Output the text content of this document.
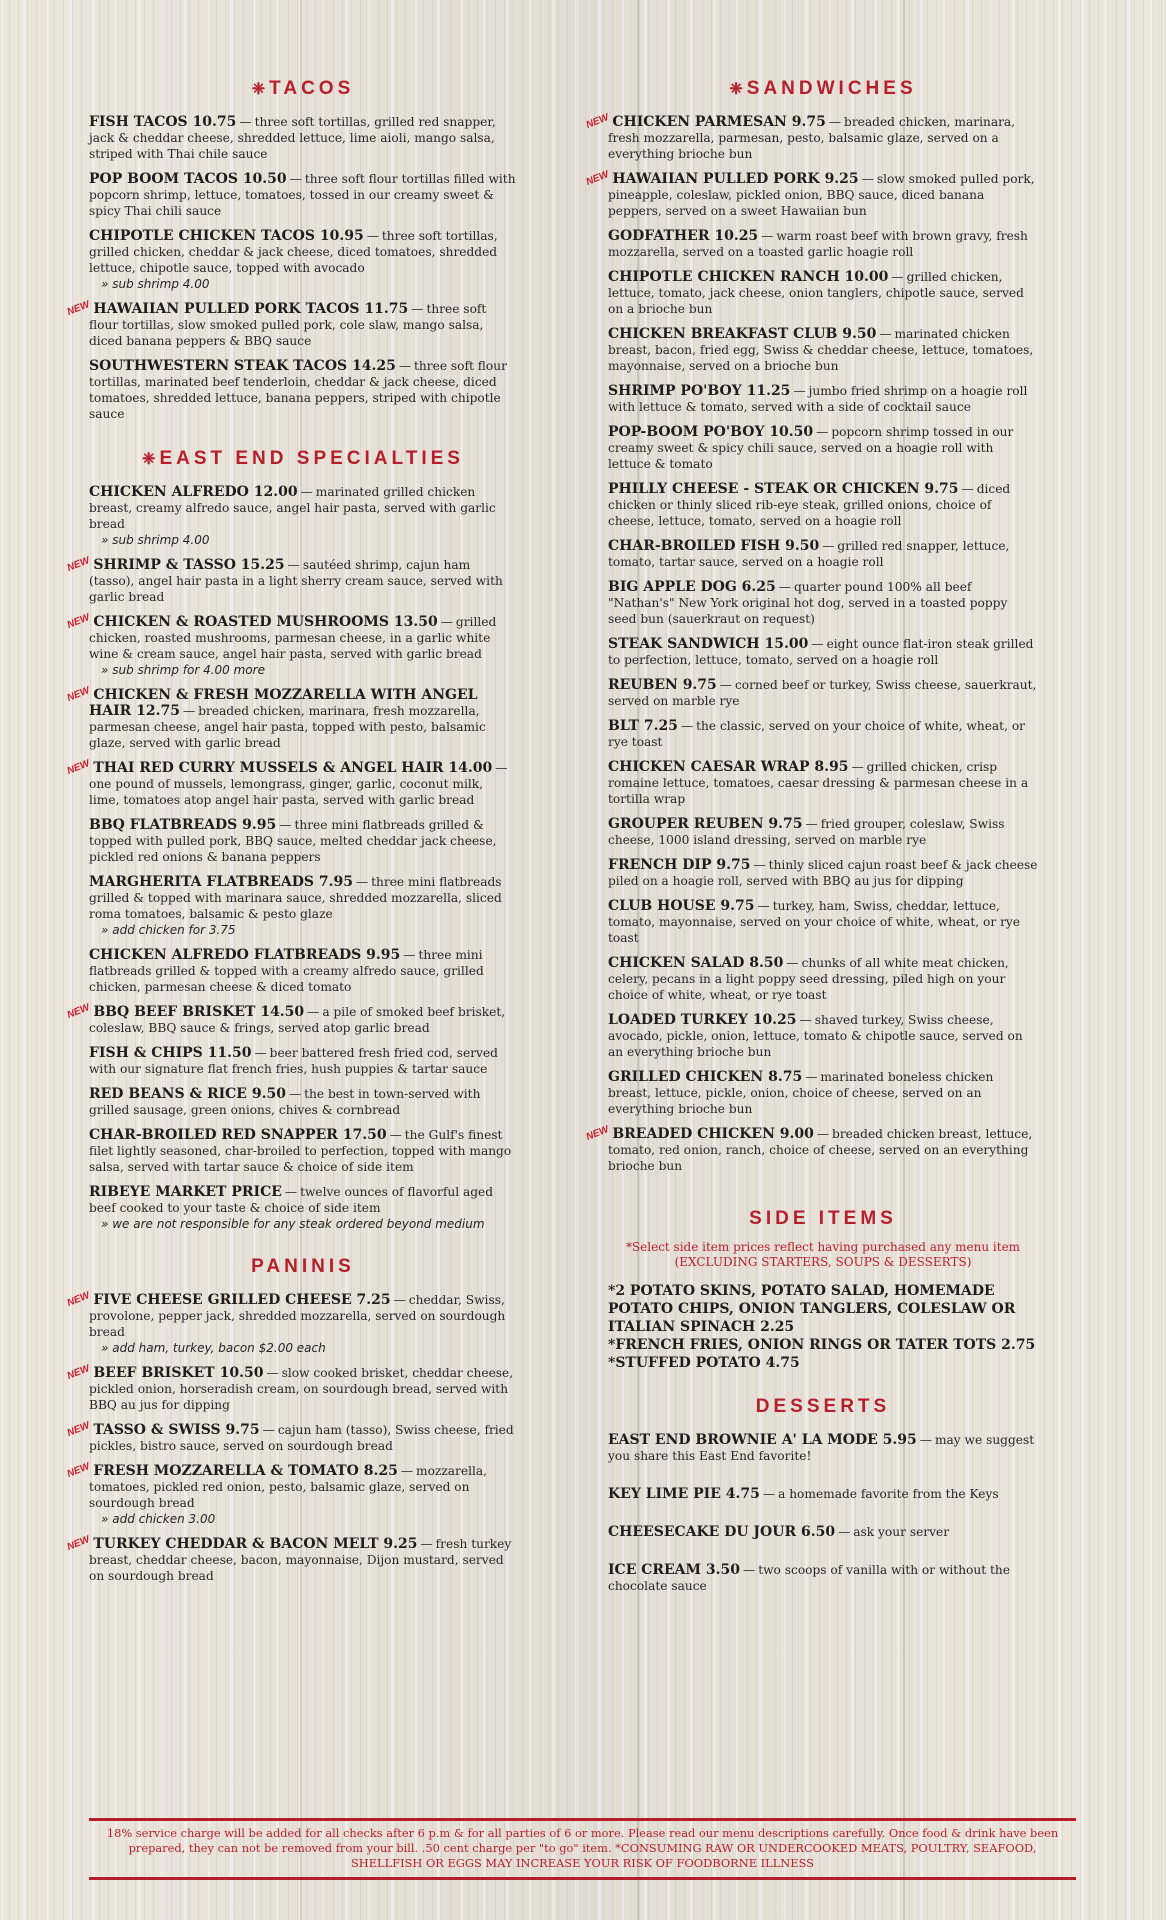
❈ TACOS
FISH TACOS 10.75 — three soft tortillas, grilled red snapper, jack & cheddar cheese, shredded lettuce, lime aioli, mango salsa, striped with Thai chile sauce
POP BOOM TACOS 10.50 — three soft flour tortillas filled with popcorn shrimp, lettuce, tomatoes, tossed in our creamy sweet & spicy Thai chili sauce
CHIPOTLE CHICKEN TACOS 10.95 — three soft tortillas, grilled chicken, cheddar & jack cheese, diced tomatoes, shredded lettuce, chipotle sauce, topped with avocado
» sub shrimp 4.00
NEW HAWAIIAN PULLED PORK TACOS 11.75 — three soft flour tortillas, slow smoked pulled pork, cole slaw, mango salsa, diced banana peppers & BBQ sauce
SOUTHWESTERN STEAK TACOS 14.25 — three soft flour tortillas, marinated beef tenderloin, cheddar & jack cheese, diced tomatoes, shredded lettuce, banana peppers, striped with chipotle sauce
❈ EAST END SPECIALTIES
CHICKEN ALFREDO 12.00 — marinated grilled chicken breast, creamy alfredo sauce, angel hair pasta, served with garlic bread
» sub shrimp 4.00
NEW SHRIMP & TASSO 15.25 — sautéed shrimp, cajun ham (tasso), angel hair pasta in a light sherry cream sauce, served with garlic bread
NEW CHICKEN & ROASTED MUSHROOMS 13.50 — grilled chicken, roasted mushrooms, parmesan cheese, in a garlic white wine & cream sauce, angel hair pasta, served with garlic bread
» sub shrimp for 4.00 more
NEW CHICKEN & FRESH MOZZARELLA WITH ANGEL HAIR 12.75 — breaded chicken, marinara, fresh mozzarella, parmesan cheese, angel hair pasta, topped with pesto, balsamic glaze, served with garlic bread
NEW THAI RED CURRY MUSSELS & ANGEL HAIR 14.00 —one pound of mussels, lemongrass, ginger, garlic, coconut milk, lime, tomatoes atop angel hair pasta, served with garlic bread
BBQ FLATBREADS 9.95 — three mini flatbreads grilled & topped with pulled pork, BBQ sauce, melted cheddar jack cheese, pickled red onions & banana peppers
MARGHERITA FLATBREADS 7.95 — three mini flatbreads grilled & topped with marinara sauce, shredded mozzarella, sliced roma tomatoes, balsamic & pesto glaze
» add chicken for 3.75
CHICKEN ALFREDO FLATBREADS 9.95 — three mini flatbreads grilled & topped with a creamy alfredo sauce, grilled chicken, parmesan cheese & diced tomato
NEW BBQ BEEF BRISKET 14.50 — a pile of smoked beef brisket, coleslaw, BBQ sauce & frings, served atop garlic bread
FISH & CHIPS 11.50 — beer battered fresh fried cod, served with our signature flat french fries, hush puppies & tartar sauce
RED BEANS & RICE 9.50 — the best in town-served with grilled sausage, green onions, chives & cornbread
CHAR-BROILED RED SNAPPER 17.50 — the Gulf's finest filet lightly seasoned, char-broiled to perfection, topped with mango salsa, served with tartar sauce & choice of side item
RIBEYE MARKET PRICE — twelve ounces of flavorful aged beef cooked to your taste & choice of side item
» we are not responsible for any steak ordered beyond medium
PANINIS
NEW FIVE CHEESE GRILLED CHEESE 7.25 — cheddar, Swiss, provolone, pepper jack, shredded mozzarella, served on sourdough bread
» add ham, turkey, bacon $2.00 each
NEW BEEF BRISKET 10.50 — slow cooked brisket, cheddar cheese, pickled onion, horseradish cream, on sourdough bread, served with BBQ au jus for dipping
NEW TASSO & SWISS 9.75 — cajun ham (tasso), Swiss cheese, fried pickles, bistro sauce, served on sourdough bread
NEW FRESH MOZZARELLA & TOMATO 8.25 — mozzarella, tomatoes, pickled red onion, pesto, balsamic glaze, served on sourdough bread
» add chicken 3.00
NEW TURKEY CHEDDAR & BACON MELT 9.25 — fresh turkey breast, cheddar cheese, bacon, mayonnaise, Dijon mustard, served on sourdough bread
❈ SANDWICHES
NEW CHICKEN PARMESAN 9.75 — breaded chicken, marinara, fresh mozzarella, parmesan, pesto, balsamic glaze, served on a everything brioche bun
NEW HAWAIIAN PULLED PORK 9.25 — slow smoked pulled pork, pineapple, coleslaw, pickled onion, BBQ sauce, diced banana peppers, served on a sweet Hawaiian bun
GODFATHER 10.25 — warm roast beef with brown gravy, fresh mozzarella, served on a toasted garlic hoagie roll
CHIPOTLE CHICKEN RANCH 10.00 — grilled chicken, lettuce, tomato, jack cheese, onion tanglers, chipotle sauce, served on a brioche bun
CHICKEN BREAKFAST CLUB 9.50 — marinated chicken breast, bacon, fried egg, Swiss & cheddar cheese, lettuce, tomatoes, mayonnaise, served on a brioche bun
SHRIMP PO'BOY 11.25 — jumbo fried shrimp on a hoagie roll with lettuce & tomato, served with a side of cocktail sauce
POP-BOOM PO'BOY 10.50 — popcorn shrimp tossed in our creamy sweet & spicy chili sauce, served on a hoagie roll with lettuce & tomato
PHILLY CHEESE - STEAK OR CHICKEN 9.75 — diced chicken or thinly sliced rib-eye steak, grilled onions, choice of cheese, lettuce, tomato, served on a hoagie roll
CHAR-BROILED FISH 9.50 — grilled red snapper, lettuce, tomato, tartar sauce, served on a hoagie roll
BIG APPLE DOG 6.25 — quarter pound 100% all beef "Nathan's" New York original hot dog, served in a toasted poppy seed bun (sauerkraut on request)
STEAK SANDWICH 15.00 — eight ounce flat-iron steak grilled to perfection, lettuce, tomato, served on a hoagie roll
REUBEN 9.75 — corned beef or turkey, Swiss cheese, sauerkraut, served on marble rye
BLT 7.25 — the classic, served on your choice of white, wheat, or rye toast
CHICKEN CAESAR WRAP 8.95 — grilled chicken, crisp romaine lettuce, tomatoes, caesar dressing & parmesan cheese in a tortilla wrap
GROUPER REUBEN 9.75 — fried grouper, coleslaw, Swiss cheese, 1000 island dressing, served on marble rye
FRENCH DIP 9.75 — thinly sliced cajun roast beef & jack cheese piled on a hoagie roll, served with BBQ au jus for dipping
CLUB HOUSE 9.75 — turkey, ham, Swiss, cheddar, lettuce, tomato, mayonnaise, served on your choice of white, wheat, or rye toast
CHICKEN SALAD 8.50 — chunks of all white meat chicken, celery, pecans in a light poppy seed dressing, piled high on your choice of white, wheat, or rye toast
LOADED TURKEY 10.25 — shaved turkey, Swiss cheese, avocado, pickle, onion, lettuce, tomato & chipotle sauce, served on an everything brioche bun
GRILLED CHICKEN 8.75 — marinated boneless chicken breast, lettuce, pickle, onion, choice of cheese, served on an everything brioche bun
NEW BREADED CHICKEN 9.00 — breaded chicken breast, lettuce, tomato, red onion, ranch, choice of cheese, served on an everything brioche bun
SIDE ITEMS
*Select side item prices reflect having purchased any menu item
(EXCLUDING STARTERS, SOUPS & DESSERTS)
*2 POTATO SKINS, POTATO SALAD, HOMEMADE POTATO CHIPS, ONION TANGLERS, COLESLAW OR ITALIAN SPINACH 2.25
*FRENCH FRIES, ONION RINGS OR TATER TOTS 2.75
*STUFFED POTATO 4.75
DESSERTS
EAST END BROWNIE A' LA MODE 5.95 — may we suggest you share this East End favorite!
KEY LIME PIE 4.75 — a homemade favorite from the Keys
CHEESECAKE DU JOUR 6.50 — ask your server
ICE CREAM 3.50 — two scoops of vanilla with or without the chocolate sauce
18% service charge will be added for all checks after 6 p.m & for all parties of 6 or more. Please read our menu descriptions carefully. Once food & drink have been prepared, they can not be removed from your bill. .50 cent charge per "to go" item. *CONSUMING RAW OR UNDERCOOKED MEATS, POULTRY, SEAFOOD, SHELLFISH OR EGGS MAY INCREASE YOUR RISK OF FOODBORNE ILLNESS
